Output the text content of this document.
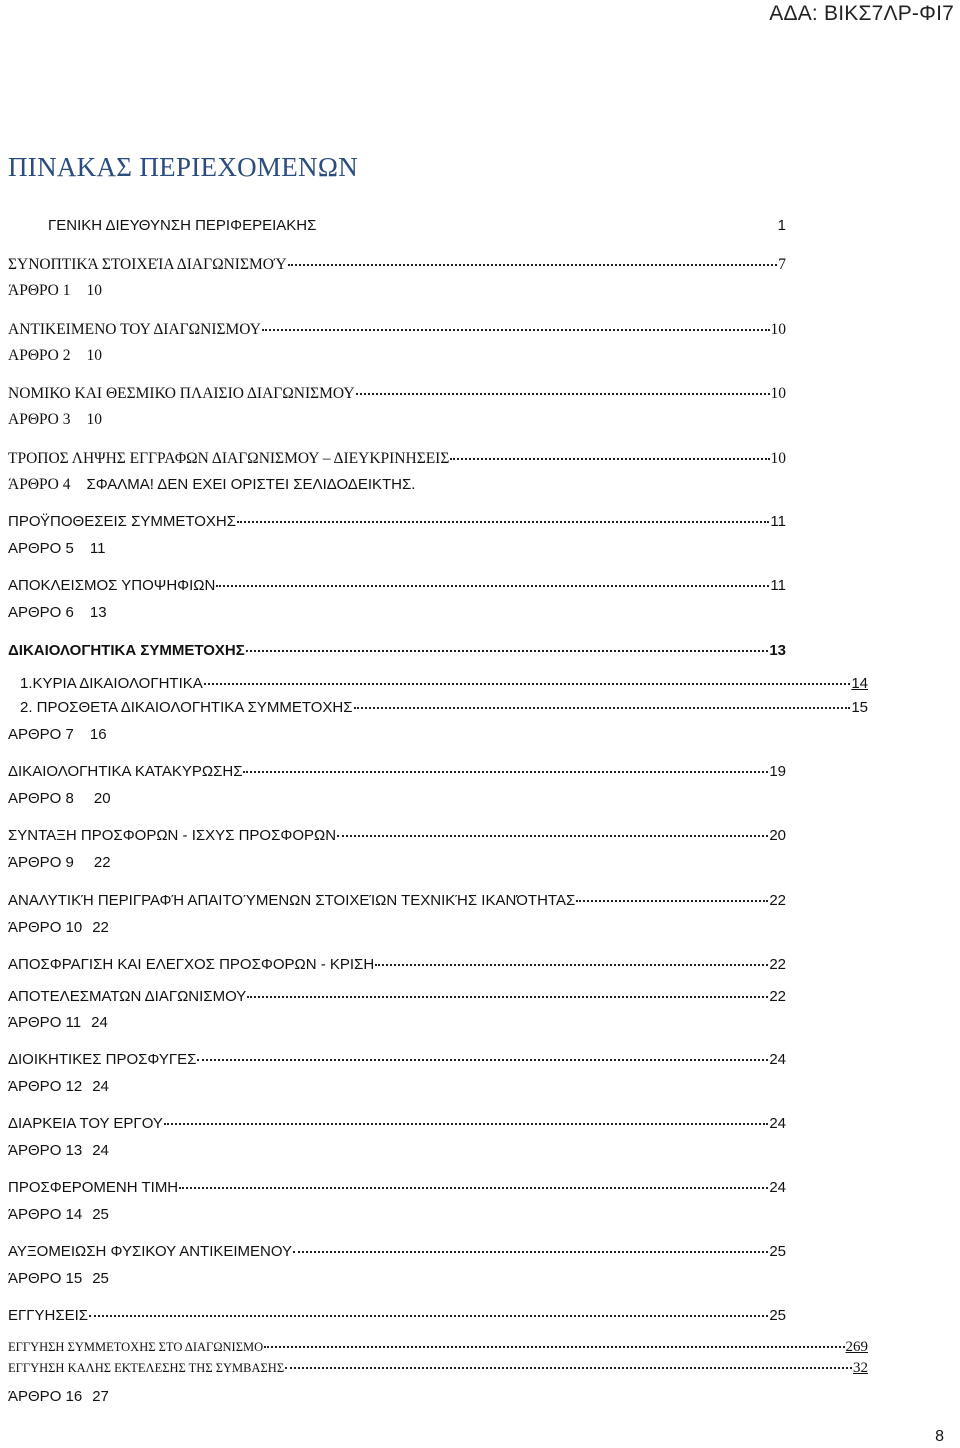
ΑΔΑ: ΒΙΚΣ7ΛΡ-ΦΙ7
ΠΙΝΑΚΑΣ ΠΕΡΙΕΧΟΜΕΝΩΝ
ΓΕΝΙΚΗ ΔΙΕΥΘΥΝΣΗ ΠΕΡΙΦΕΡΕΙΑΚΗΣ	1
ΣΥΝΟΠΤΙΚΆ ΣΤΟΙΧΕΊΑ ΔΙΑΓΩΝΙΣΜΟΎ	7
ΆΡΘΡΟ 1 10
ΑΝΤΙΚΕΙΜΕΝΟ ΤΟΥ ΔΙΑΓΩΝΙΣΜΟΥ	10
ΑΡΘΡΟ 2 10
ΝΟΜΙΚΟ ΚΑΙ ΘΕΣΜΙΚΟ ΠΛΑΙΣΙΟ ΔΙΑΓΩΝΙΣΜΟΥ	10
ΑΡΘΡΟ 3 10
ΤΡΟΠΟΣ ΛΗΨΗΣ ΕΓΓΡΑΦΩΝ ΔΙΑΓΩΝΙΣΜΟΥ – ΔΙΕΥΚΡΙΝΗΣΕΙΣ	10
ΆΡΘΡΟ 4 ΣΦΑΛΜΑ! ΔΕΝ ΕΧΕΙ ΟΡΙΣΤΕΙ ΣΕΛΙΔΟΔΕΙΚΤΗΣ.
ΠΡΟΫΠΟΘΕΣΕΙΣ ΣΥΜΜΕΤΟΧΗΣ	11
ΑΡΘΡΟ 5 11
ΑΠΟΚΛΕΙΣΜΟΣ ΥΠΟΨΗΦΙΩΝ	11
ΑΡΘΡΟ 6 13
ΔΙΚΑΙΟΛΟΓΗΤΙΚΑ ΣΥΜΜΕΤΟΧΗΣ	13
1.ΚΥΡΙΑ ΔΙΚΑΙΟΛΟΓΗΤΙΚΑ	14
2. ΠΡΟΣΘΕΤΑ ΔΙΚΑΙΟΛΟΓΗΤΙΚΑ ΣΥΜΜΕΤΟΧΗΣ	15
ΑΡΘΡΟ 7 16
ΔΙΚΑΙΟΛΟΓΗΤΙΚΑ ΚΑΤΑΚΥΡΩΣΗΣ	19
ΑΡΘΡΟ 8 20
ΣΥΝΤΑΞΗ ΠΡΟΣΦΟΡΩΝ - ΙΣΧΥΣ ΠΡΟΣΦΟΡΩΝ	20
ΆΡΘΡΟ 9 22
ΑΝΑΛΥΤΙΚΉ ΠΕΡΙΓΡΑΦΉ ΑΠΑΙΤΟΎΜΕΝΩΝ ΣΤΟΙΧΕΊΩΝ ΤΕΧΝΙΚΉΣ ΙΚΑΝΌΤΗΤΑΣ	22
ΆΡΘΡΟ 10 22
ΑΠΟΣΦΡΑΓΙΣΗ ΚΑΙ ΕΛΕΓΧΟΣ ΠΡΟΣΦΟΡΩΝ - ΚΡΙΣΗ	22
ΑΠΟΤΕΛΕΣΜΑΤΩΝ ΔΙΑΓΩΝΙΣΜΟΥ	22
ΆΡΘΡΟ 11 24
ΔΙΟΙΚΗΤΙΚΕΣ ΠΡΟΣΦΥΓΕΣ	24
ΆΡΘΡΟ 12 24
ΔΙΑΡΚΕΙΑ ΤΟΥ ΕΡΓΟΥ	24
ΆΡΘΡΟ 13 24
ΠΡΟΣΦΕΡΟΜΕΝΗ ΤΙΜΗ	24
ΆΡΘΡΟ 14 25
ΑΥΞΟΜΕΙΩΣΗ ΦΥΣΙΚΟΥ ΑΝΤΙΚΕΙΜΕΝΟΥ	25
ΆΡΘΡΟ 15 25
ΕΓΓΥΗΣΕΙΣ	25
ΕΓΓΥΗΣΗ ΣΥΜΜΕΤΟΧΗΣ ΣΤΟ ΔΙΑΓΩΝΙΣΜΟ	269
ΕΓΓΥΗΣΗ ΚΑΛΗΣ ΕΚΤΕΛΕΣΗΣ ΤΗΣ ΣΥΜΒΑΣΗΣ	32
ΆΡΘΡΟ 16 27
8
